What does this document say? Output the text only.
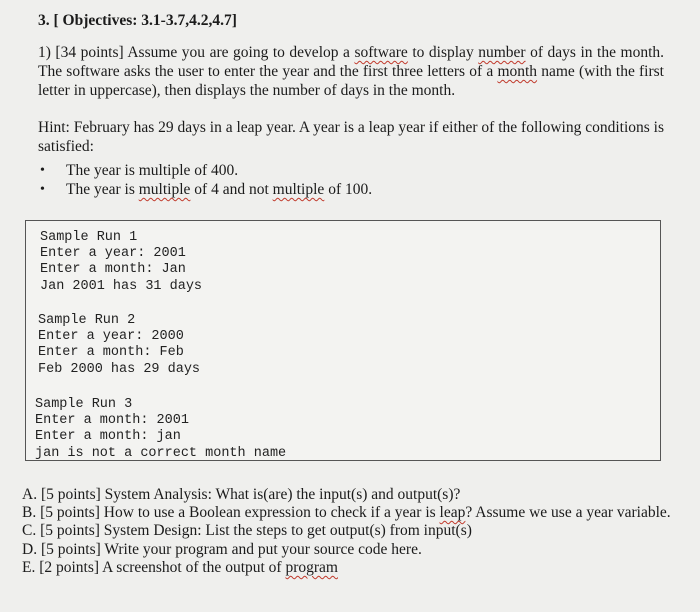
3. [ Objectives: 3.1-3.7,4.2,4.7]
1) [34 points] Assume you are going to develop a software to display number of days in the month. The software asks the user to enter the year and the first three letters of a month name (with the first letter in uppercase), then displays the number of days in the month.
Hint: February has 29 days in a leap year. A year is a leap year if either of the following conditions is satisfied:
• The year is multiple of 400.
• The year is multiple of 4 and not multiple of 100.
Sample Run 1
Enter a year: 2001
Enter a month: Jan
Jan 2001 has 31 days
Sample Run 2
Enter a year: 2000
Enter a month: Feb
Feb 2000 has 29 days
Sample Run 3
Enter a month: 2001
Enter a month: jan
jan is not a correct month name
A. [5 points] System Analysis: What is(are) the input(s) and output(s)?
B. [5 points] How to use a Boolean expression to check if a year is leap? Assume we use a year variable.
C. [5 points] System Design: List the steps to get output(s) from input(s)
D. [5 points] Write your program and put your source code here.
E. [2 points] A screenshot of the output of program
